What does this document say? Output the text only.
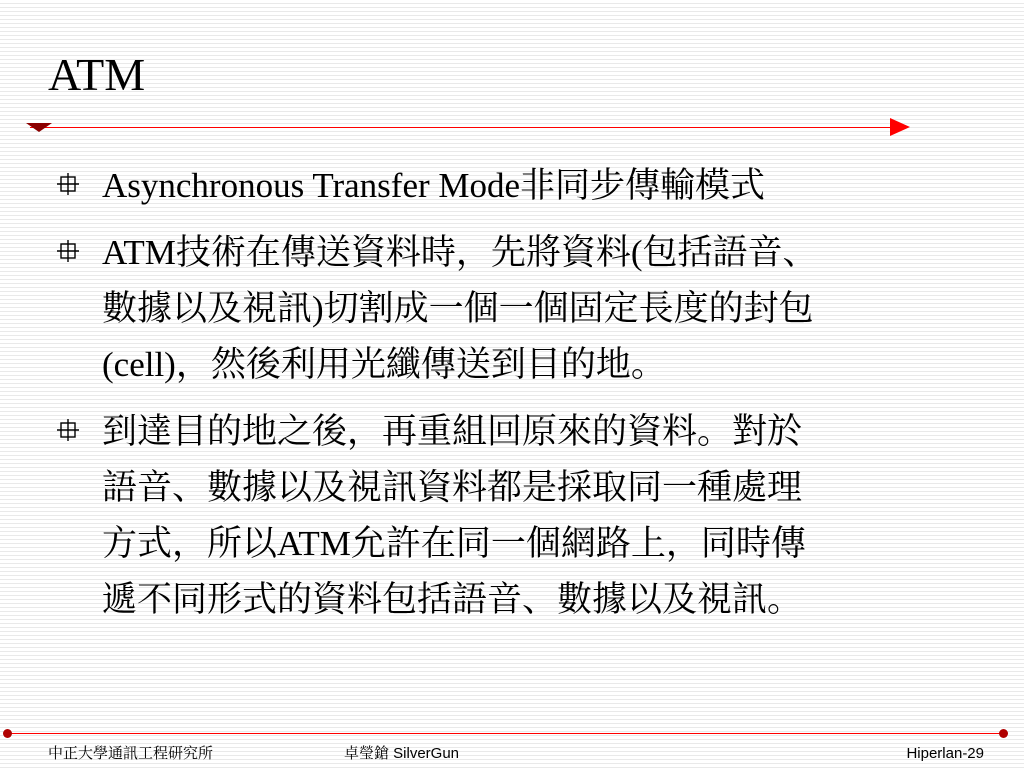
ATM
Asynchronous Transfer Mode非同步傳輸模式
ATM技術在傳送資料時，先將資料(包括語音、
數據以及視訊)切割成一個一個固定長度的封包
(cell)，然後利用光纖傳送到目的地。
到達目的地之後，再重組回原來的資料。對於
語音、數據以及視訊資料都是採取同一種處理
方式，所以ATM允許在同一個網路上，同時傳
遞不同形式的資料包括語音、數據以及視訊。
中正大學通訊工程研究所	卓瑩鎗 SilverGun	Hiperlan-29
